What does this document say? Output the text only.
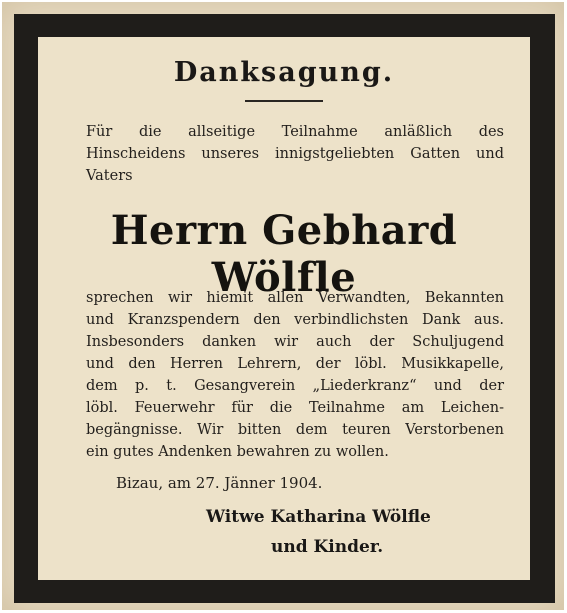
Danksagung.

Für die allseitige Teilnahme anläßlich des
Hinscheidens unseres innigstgeliebten Gatten und
Vaters

Herrn Gebhard Wölfle

sprechen wir hiemit allen Verwandten, Bekannten
und Kranzspendern den verbindlichsten Dank aus.
Insbesonders danken wir auch der Schuljugend
und den Herren Lehrern, der löbl. Musikkapelle,
dem p. t. Gesangverein „Liederkranz“ und der
löbl. Feuerwehr für die Teilnahme am Leichen-
begängnisse. Wir bitten dem teuren Verstorbenen
ein gutes Andenken bewahren zu wollen.

Bizau, am 27. Jänner 1904.
Witwe Katharina Wölfle
und Kinder.
